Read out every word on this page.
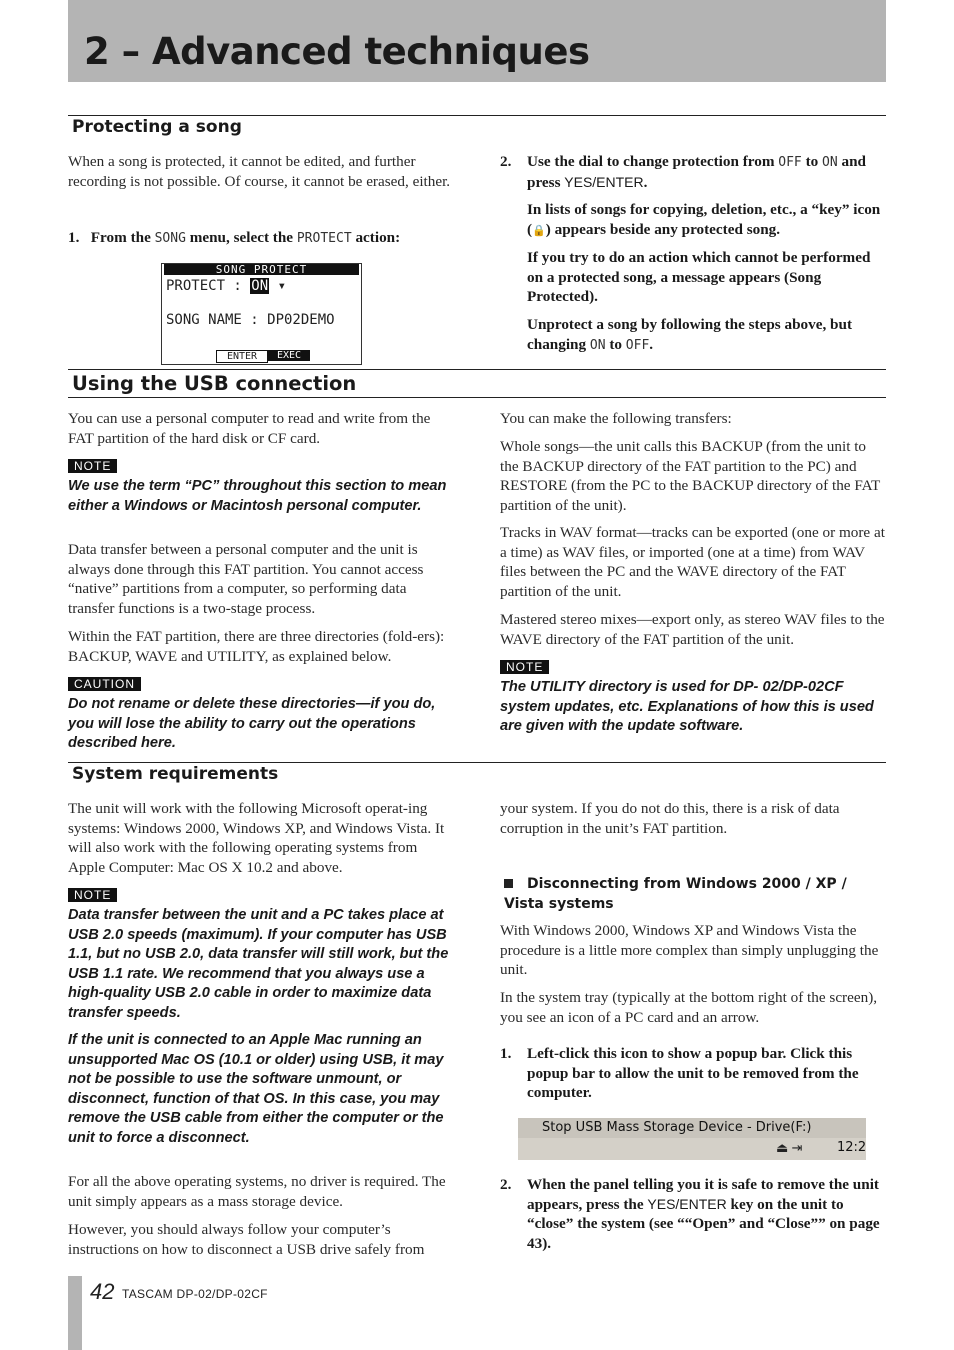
2 – Advanced techniques
Protecting a song
When a song is protected, it cannot be edited, and further recording is not possible. Of course, it cannot be erased, either.
1. From the SONG menu, select the PROTECT action:
SONG PROTECT
PROTECT : ON ▾
SONG NAME : DP02DEMO
ENTER	EXEC
2. Use the dial to change protection from OFF to ON and press YES/ENTER.
In lists of songs for copying, deletion, etc., a “key” icon (🔒) appears beside any protected song.
If you try to do an action which cannot be performed on a protected song, a message appears (Song Protected).
Unprotect a song by following the steps above, but changing ON to OFF.
Using the USB connection
You can use a personal computer to read and write from the FAT partition of the hard disk or CF card.
NOTE
We use the term “PC” throughout this section to mean either a Windows or Macintosh personal computer.
Data transfer between a personal computer and the unit is always done through this FAT partition. You cannot access “native” partitions from a computer, so performing data transfer functions is a two-stage process.
Within the FAT partition, there are three directories (fold-ers): BACKUP, WAVE and UTILITY, as explained below.
CAUTION
Do not rename or delete these directories—if you do, you will lose the ability to carry out the operations described here.
You can make the following transfers:
Whole songs—the unit calls this BACKUP (from the unit to the BACKUP directory of the FAT partition to the PC) and RESTORE (from the PC to the BACKUP directory of the FAT partition of the unit).
Tracks in WAV format—tracks can be exported (one or more at a time) as WAV files, or imported (one at a time) from WAV files between the PC and the WAVE directory of the FAT partition of the unit.
Mastered stereo mixes—export only, as stereo WAV files to the WAVE directory of the FAT partition of the unit.
NOTE
The UTILITY directory is used for DP- 02/DP-02CF system updates, etc. Explanations of how this is used are given with the update software.
System requirements
The unit will work with the following Microsoft operat-ing systems: Windows 2000, Windows XP, and Windows Vista. It will also work with the following operating systems from Apple Computer: Mac OS X 10.2 and above.
NOTE
Data transfer between the unit and a PC takes place at USB 2.0 speeds (maximum). If your computer has USB 1.1, but no USB 2.0, data transfer will still work, but the USB 1.1 rate. We recommend that you always use a high-quality USB 2.0 cable in order to maximize data transfer speeds.
If the unit is connected to an Apple Mac running an unsupported Mac OS (10.1 or older) using USB, it may not be possible to use the software unmount, or disconnect, function of that OS. In this case, you may remove the USB cable from either the computer or the unit to force a disconnect.
For all the above operating systems, no driver is required. The unit simply appears as a mass storage device.
However, you should always follow your computer’s instructions on how to disconnect a USB drive safely from
your system. If you do not do this, there is a risk of data corruption in the unit’s FAT partition.
Disconnecting from Windows 2000 / XP / Vista systems
With Windows 2000, Windows XP and Windows Vista the procedure is a little more complex than simply unplugging the unit.
In the system tray (typically at the bottom right of the screen), you see an icon of a PC card and an arrow.
1. Left-click this icon to show a popup bar. Click this popup bar to allow the unit to be removed from the computer.
Stop USB Mass Storage Device - Drive(F:)
⏏ ⇥	12:2
2. When the panel telling you it is safe to remove the unit appears, press the YES/ENTER key on the unit to “close” the system (see ““Open” and “Close”” on page 43).
42 TASCAM DP-02/DP-02CF
